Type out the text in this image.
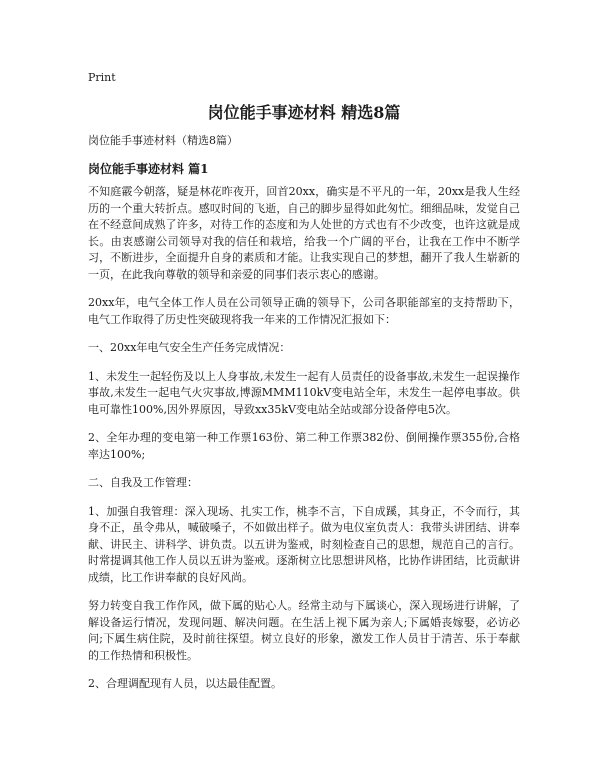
Print
岗位能手事迹材料 精选8篇

岗位能手事迹材料（精选8篇）

岗位能手事迹材料 篇1

不知庭霰今朝落，疑是林花昨夜开，回首20xx，确实是不平凡的一年，20xx是我人生经历的一个重大转折点。感叹时间的飞逝，自己的脚步显得如此匆忙。细细品味，发觉自己在不经意间成熟了许多，对待工作的态度和为人处世的方式也有不少改变，也许这就是成长。由衷感谢公司领导对我的信任和栽培，给我一个广阔的平台，让我在工作中不断学习，不断进步，全面提升自身的素质和才能。让我实现自己的梦想，翻开了我人生崭新的一页，在此我向尊敬的领导和亲爱的同事们表示衷心的感谢。

20xx年，电气全体工作人员在公司领导正确的领导下，公司各职能部室的支持帮助下，电气工作取得了历史性突破现将我一年来的工作情况汇报如下：

一、20xx年电气安全生产任务完成情况：

1、未发生一起轻伤及以上人身事故,未发生一起有人员责任的设备事故,未发生一起误操作事故,未发生一起电气火灾事故,博源MMM110kV变电站全年，未发生一起停电事故。供电可靠性100%,因外界原因，导致xx35kV变电站全站或部分设备停电5次。

2、全年办理的变电第一种工作票163份、第二种工作票382份、倒闸操作票355份,合格率达100%;

二、自我及工作管理：

1、加强自我管理：深入现场、扎实工作，桃李不言，下自成蹊，其身正，不令而行，其身不正，虽令弗从，喊破嗓子，不如做出样子。做为电仪室负责人：我带头讲团结、讲奉献、讲民主、讲科学、讲负责。以五讲为鉴戒，时刻检查自己的思想，规范自己的言行。时常提调其他工作人员以五讲为鉴戒。逐渐树立比思想讲风格，比协作讲团结，比贡献讲成绩，比工作讲奉献的良好风尚。

努力转变自我工作作风，做下属的贴心人。经常主动与下属谈心，深入现场进行讲解，了解设备运行情况，发现问题、解决问题。在生活上视下属为亲人;下属婚丧嫁娶，必访必问;下属生病住院，及时前往探望。树立良好的形象，激发工作人员甘于清苦、乐于奉献的工作热情和积极性。

2、合理调配现有人员，以达最佳配置。
